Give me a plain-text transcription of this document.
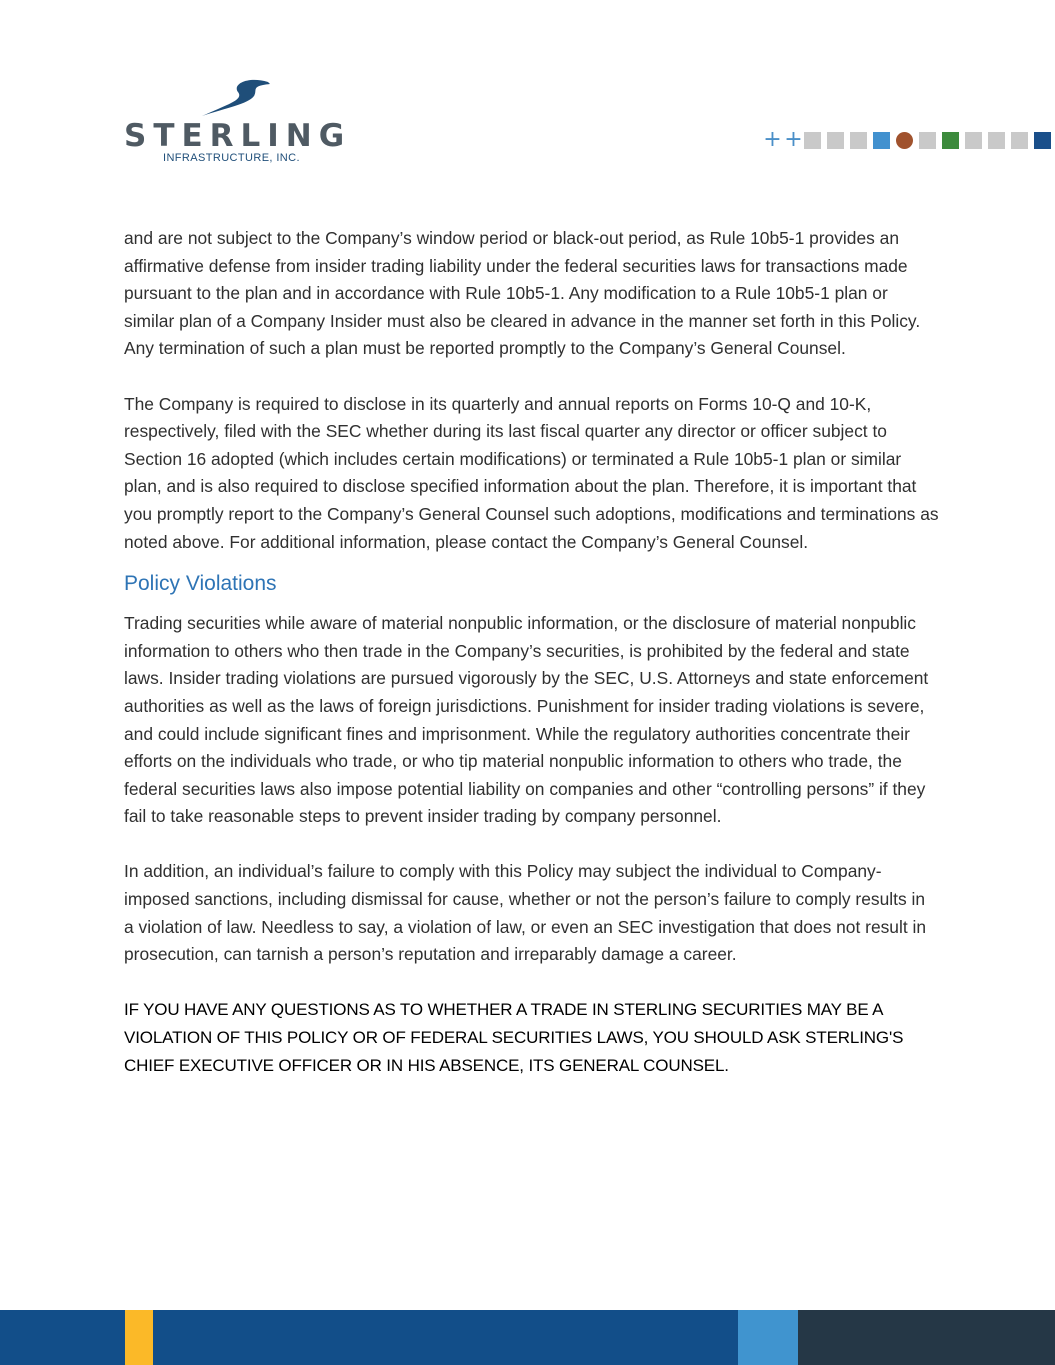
STERLING
INFRASTRUCTURE, INC.
+ +

and are not subject to the Company’s window period or black-out period, as Rule 10b5-1 provides an affirmative defense from insider trading liability under the federal securities laws for transactions made pursuant to the plan and in accordance with Rule 10b5-1. Any modification to a Rule 10b5-1 plan or similar plan of a Company Insider must also be cleared in advance in the manner set forth in this Policy. Any termination of such a plan must be reported promptly to the Company’s General Counsel.

The Company is required to disclose in its quarterly and annual reports on Forms 10-Q and 10-K, respectively, filed with the SEC whether during its last fiscal quarter any director or officer subject to Section 16 adopted (which includes certain modifications) or terminated a Rule 10b5-1 plan or similar plan, and is also required to disclose specified information about the plan. Therefore, it is important that you promptly report to the Company’s General Counsel such adoptions, modifications and terminations as noted above. For additional information, please contact the Company’s General Counsel.

Policy Violations

Trading securities while aware of material nonpublic information, or the disclosure of material nonpublic information to others who then trade in the Company’s securities, is prohibited by the federal and state laws. Insider trading violations are pursued vigorously by the SEC, U.S. Attorneys and state enforcement authorities as well as the laws of foreign jurisdictions. Punishment for insider trading violations is severe, and could include significant fines and imprisonment. While the regulatory authorities concentrate their efforts on the individuals who trade, or who tip material nonpublic information to others who trade, the federal securities laws also impose potential liability on companies and other “controlling persons” if they fail to take reasonable steps to prevent insider trading by company personnel.

In addition, an individual’s failure to comply with this Policy may subject the individual to Company-imposed sanctions, including dismissal for cause, whether or not the person’s failure to comply results in a violation of law. Needless to say, a violation of law, or even an SEC investigation that does not result in prosecution, can tarnish a person’s reputation and irreparably damage a career.

IF YOU HAVE ANY QUESTIONS AS TO WHETHER A TRADE IN STERLING SECURITIES MAY BE A VIOLATION OF THIS POLICY OR OF FEDERAL SECURITIES LAWS, YOU SHOULD ASK STERLING'S CHIEF EXECUTIVE OFFICER OR IN HIS ABSENCE, ITS GENERAL COUNSEL.
